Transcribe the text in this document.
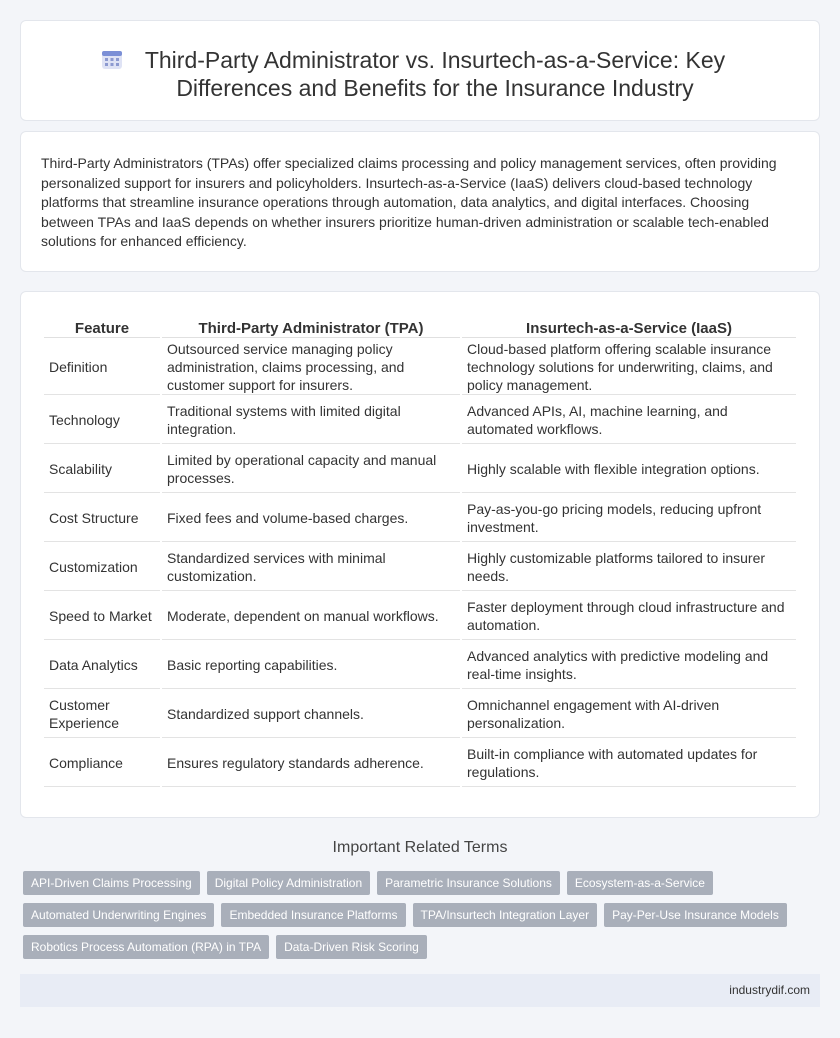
Third-Party Administrator vs. Insurtech-as-a-Service: Key Differences and Benefits for the Insurance Industry

Third-Party Administrators (TPAs) offer specialized claims processing and policy management services, often providing personalized support for insurers and policyholders. Insurtech-as-a-Service (IaaS) delivers cloud-based technology platforms that streamline insurance operations through automation, data analytics, and digital interfaces. Choosing between TPAs and IaaS depends on whether insurers prioritize human-driven administration or scalable tech-enabled solutions for enhanced efficiency.

Feature	Third-Party Administrator (TPA)	Insurtech-as-a-Service (IaaS)
Definition	Outsourced service managing policy administration, claims processing, and customer support for insurers.	Cloud-based platform offering scalable insurance technology solutions for underwriting, claims, and policy management.
Technology	Traditional systems with limited digital integration.	Advanced APIs, AI, machine learning, and automated workflows.
Scalability	Limited by operational capacity and manual processes.	Highly scalable with flexible integration options.
Cost Structure	Fixed fees and volume-based charges.	Pay-as-you-go pricing models, reducing upfront investment.
Customization	Standardized services with minimal customization.	Highly customizable platforms tailored to insurer needs.
Speed to Market	Moderate, dependent on manual workflows.	Faster deployment through cloud infrastructure and automation.
Data Analytics	Basic reporting capabilities.	Advanced analytics with predictive modeling and real-time insights.
Customer Experience	Standardized support channels.	Omnichannel engagement with AI-driven personalization.
Compliance	Ensures regulatory standards adherence.	Built-in compliance with automated updates for regulations.
Important Related Terms
API-Driven Claims Processing	Digital Policy Administration	Parametric Insurance Solutions	Ecosystem-as-a-Service
Automated Underwriting Engines	Embedded Insurance Platforms	TPA/Insurtech Integration Layer	Pay-Per-Use Insurance Models
Robotics Process Automation (RPA) in TPA	Data-Driven Risk Scoring
industrydif.com
